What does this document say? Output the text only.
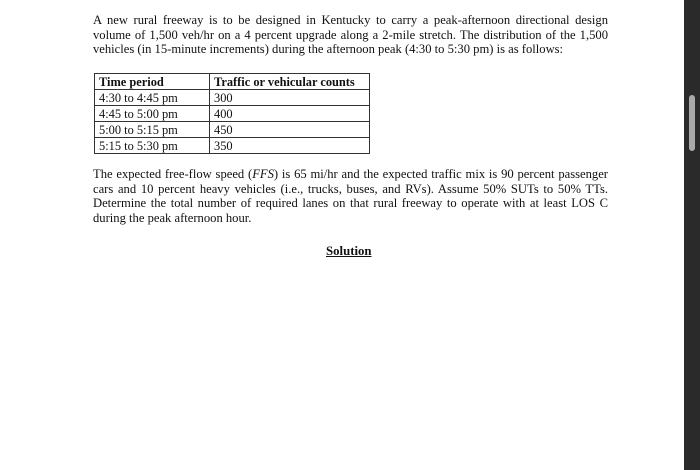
A new rural freeway is to be designed in Kentucky to carry a peak-afternoon directional design volume of 1,500 veh/hr on a 4 percent upgrade along a 2-mile stretch. The distribution of the 1,500 vehicles (in 15-minute increments) during the afternoon peak (4:30 to 5:30 pm) is as follows:

Time period	Traffic or vehicular counts
4:30 to 4:45 pm	300
4:45 to 5:00 pm	400
5:00 to 5:15 pm	450
5:15 to 5:30 pm	350

The expected free-flow speed (FFS) is 65 mi/hr and the expected traffic mix is 90 percent passenger cars and 10 percent heavy vehicles (i.e., trucks, buses, and RVs). Assume 50% SUTs to 50% TTs. Determine the total number of required lanes on that rural freeway to operate with at least LOS C during the peak afternoon hour.

Solution
